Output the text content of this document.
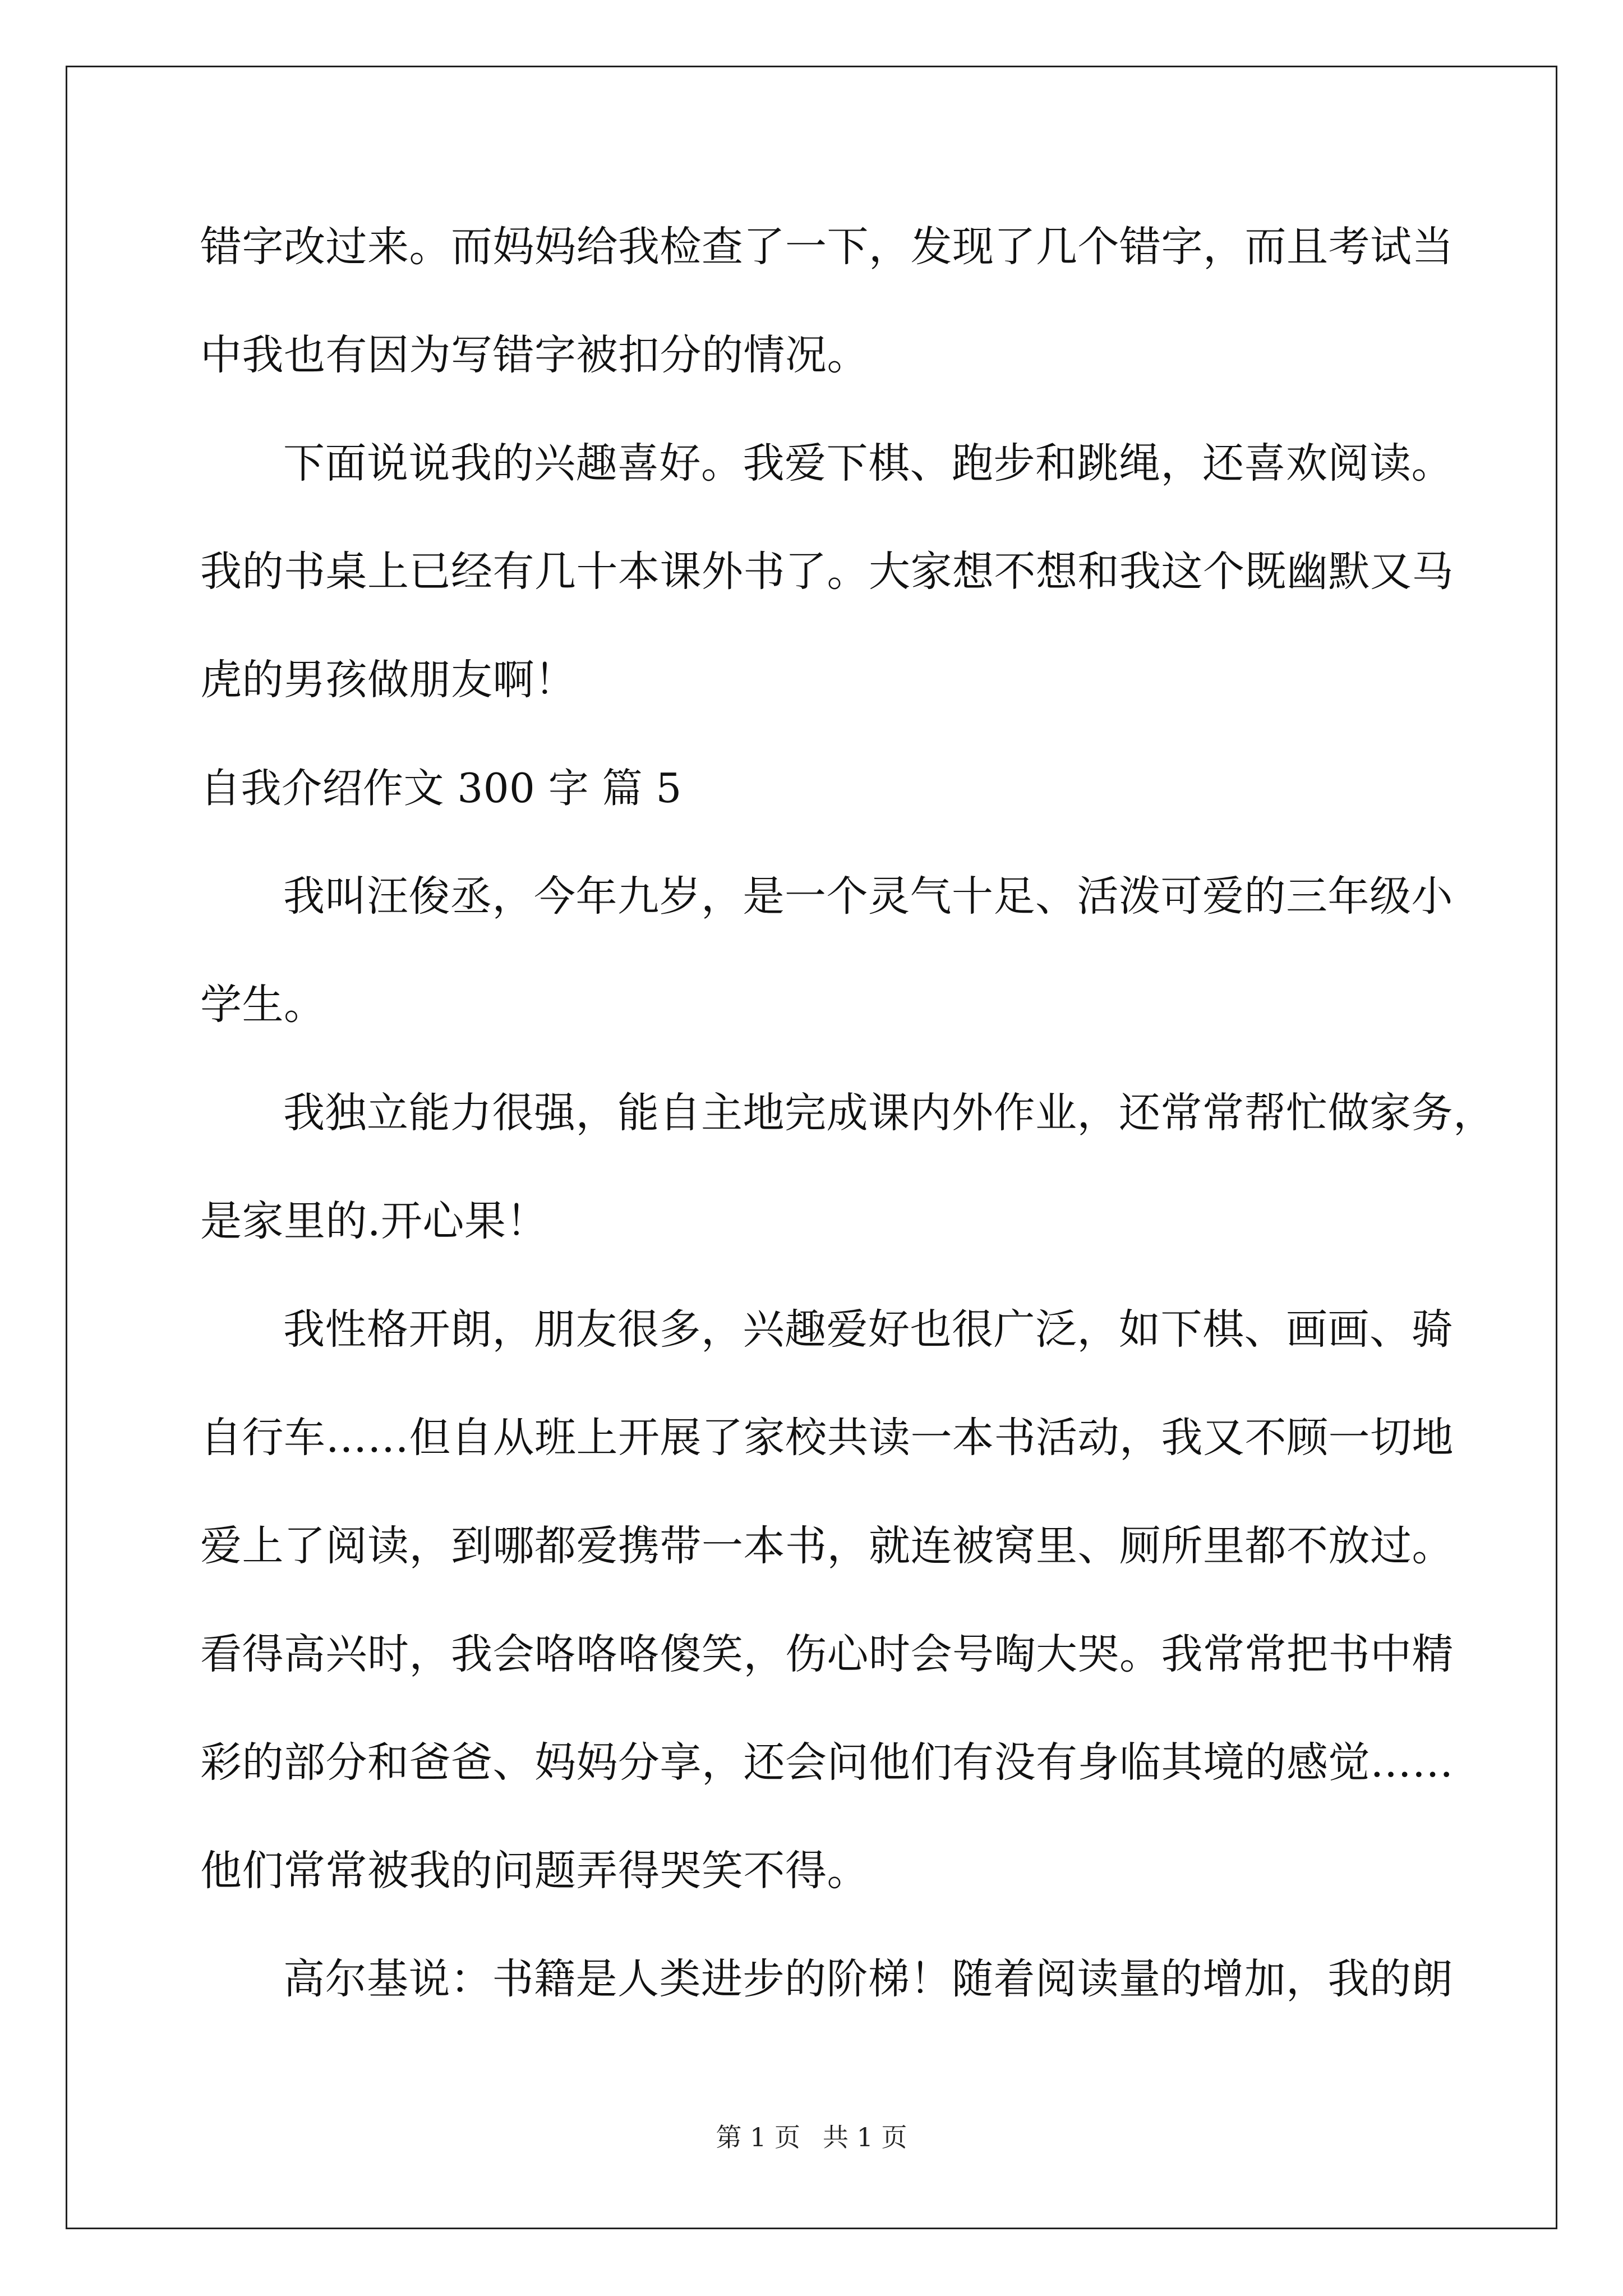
错字改过来。而妈妈给我检查了一下，发现了几个错字，而且考试当
中我也有因为写错字被扣分的情况。
下面说说我的兴趣喜好。我爱下棋、跑步和跳绳，还喜欢阅读。
我的书桌上已经有几十本课外书了。大家想不想和我这个既幽默又马
虎的男孩做朋友啊！
自我介绍作文 300 字 篇 5
我叫汪俊丞，今年九岁，是一个灵气十足、活泼可爱的三年级小
学生。
我独立能力很强，能自主地完成课内外作业，还常常帮忙做家务，
是家里的.开心果！
我性格开朗，朋友很多，兴趣爱好也很广泛，如下棋、画画、骑
自行车……但自从班上开展了家校共读一本书活动，我又不顾一切地
爱上了阅读，到哪都爱携带一本书，就连被窝里、厕所里都不放过。
看得高兴时，我会咯咯咯傻笑，伤心时会号啕大哭。我常常把书中精
彩的部分和爸爸、妈妈分享，还会问他们有没有身临其境的感觉……
他们常常被我的问题弄得哭笑不得。
高尔基说：书籍是人类进步的阶梯！随着阅读量的增加，我的朗
第 1 页 共 1 页
